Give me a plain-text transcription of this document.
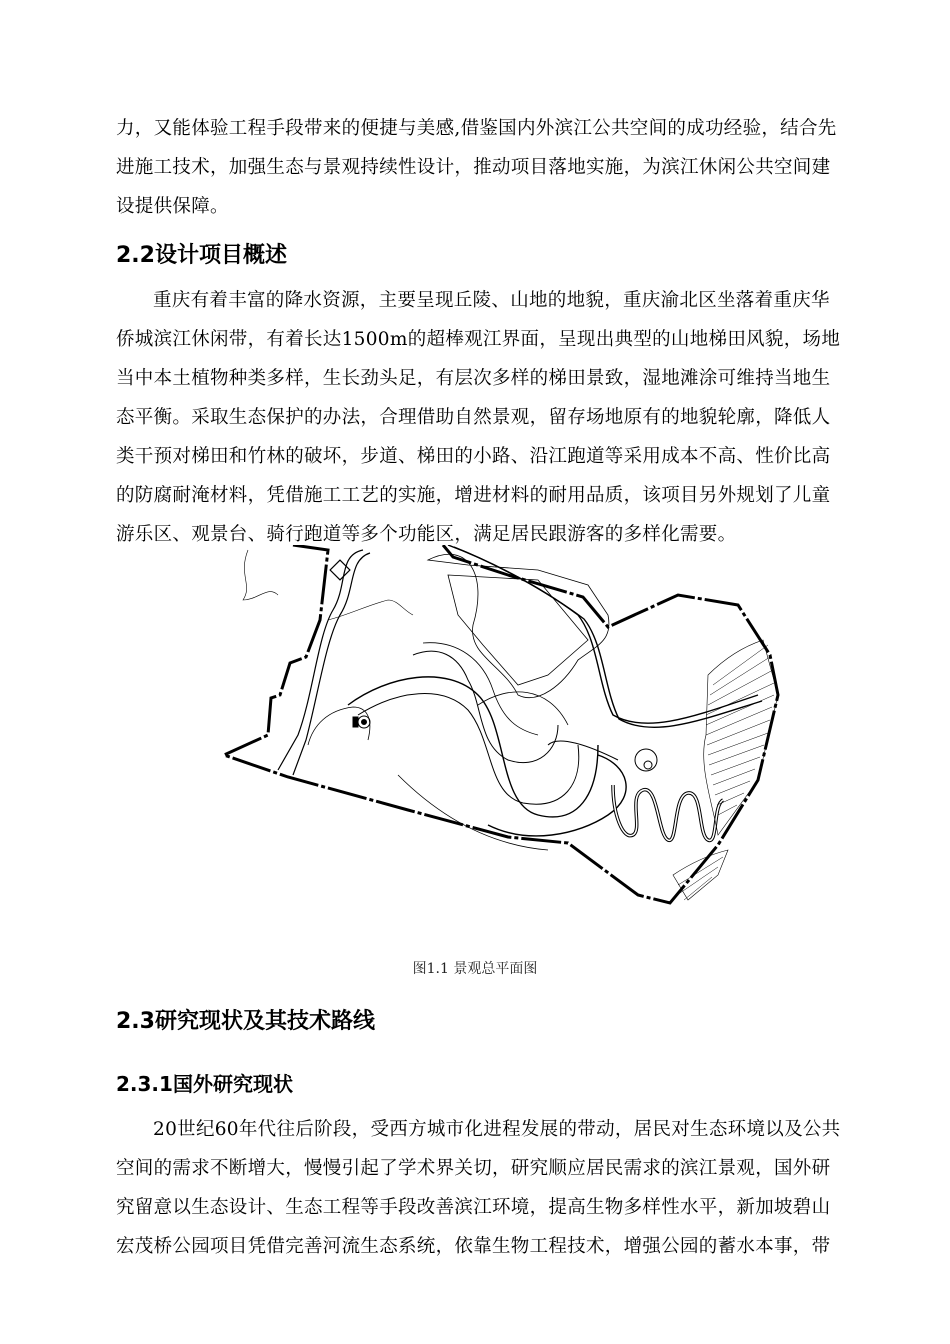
力，又能体验工程手段带来的便捷与美感,借鉴国内外滨江公共空间的成功经验，结合先
进施工技术，加强生态与景观持续性设计，推动项目落地实施，为滨江休闲公共空间建
设提供保障。
2.2设计项目概述
重庆有着丰富的降水资源，主要呈现丘陵、山地的地貌，重庆渝北区坐落着重庆华
侨城滨江休闲带，有着长达1500m的超棒观江界面，呈现出典型的山地梯田风貌，场地
当中本土植物种类多样，生长劲头足，有层次多样的梯田景致，湿地滩涂可维持当地生
态平衡。采取生态保护的办法，合理借助自然景观，留存场地原有的地貌轮廓，降低人
类干预对梯田和竹林的破坏，步道、梯田的小路、沿江跑道等采用成本不高、性价比高
的防腐耐淹材料，凭借施工工艺的实施，增进材料的耐用品质，该项目另外规划了儿童
游乐区、观景台、骑行跑道等多个功能区，满足居民跟游客的多样化需要。
图1.1 景观总平面图
2.3研究现状及其技术路线
2.3.1国外研究现状
20世纪60年代往后阶段，受西方城市化进程发展的带动，居民对生态环境以及公共
空间的需求不断增大，慢慢引起了学术界关切，研究顺应居民需求的滨江景观，国外研
究留意以生态设计、生态工程等手段改善滨江环境，提高生物多样性水平，新加坡碧山
宏茂桥公园项目凭借完善河流生态系统，依靠生物工程技术，增强公园的蓄水本事，带
